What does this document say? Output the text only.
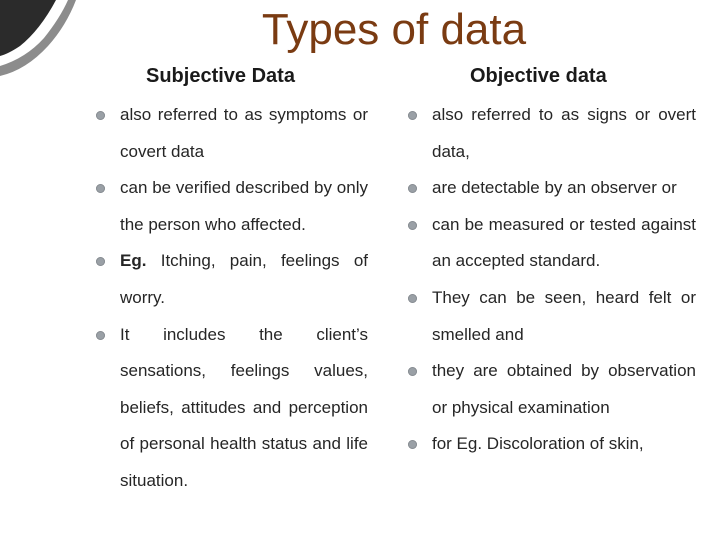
Types of data
Subjective Data	Objective data
also referred to as symptoms or covert data
can be verified described by only the person who affected.
Eg. Itching, pain, feelings of worry.
It includes the client’s sensations, feelings values, beliefs, attitudes and perception of personal health status and life situation.
also referred to as signs or overt data,
are detectable by an observer or
can be measured or tested against an accepted standard.
They can be seen, heard felt or smelled and
they are obtained by observation or physical examination
for Eg. Discoloration of skin,
